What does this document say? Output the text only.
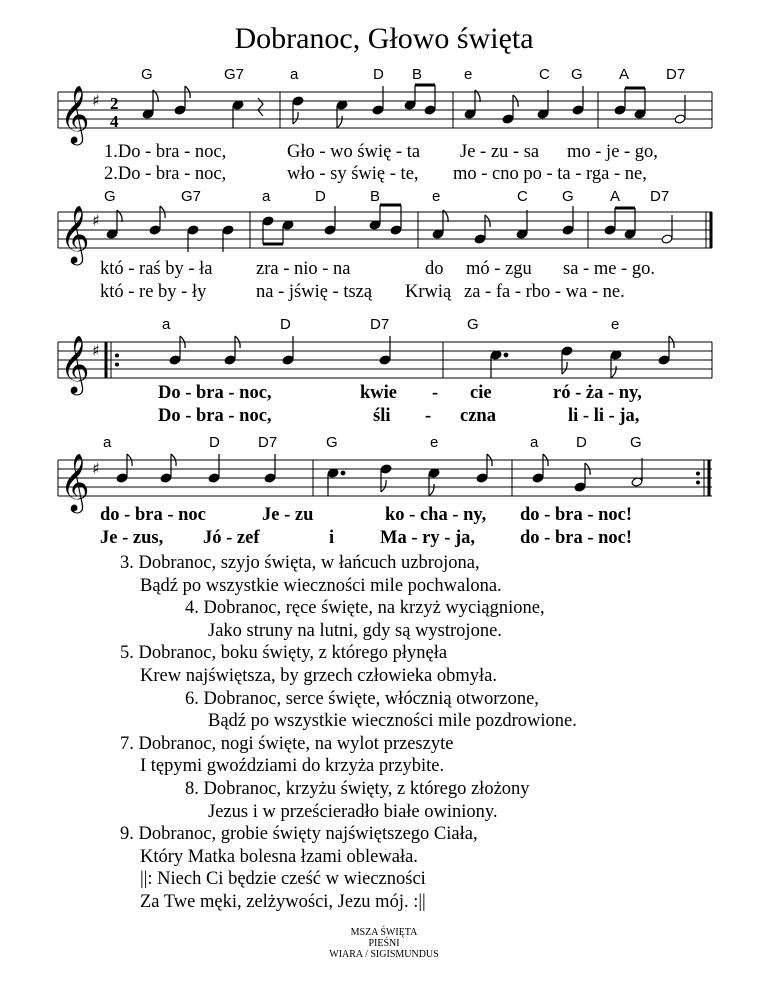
Dobranoc, Głowo święta
𝄞 ♯ 2
4
G	G7	a	D B	e	C G A D7
1.Do - bra - noc,	Gło - wo świę - ta Je - zu - sa mo - je - go,
2.Do - bra - noc,	wło - sy świę - te, mo - cno po - ta - rga - ne,
𝄞 ♯
G	G7	a	D	B	e	C G A D7
któ - raś by - ła zra - nio - na	do mó - zgu sa - me - go.
któ - re by - ły	na - jświę - tszą Krwią za - fa - rbo - wa - ne.
𝄞 ♯
a	D	D7	G	e
Do - bra - noc,	kwie - cie	ró - ża - ny,
Do - bra - noc,	śli - czna	li - li - ja,
𝄞 ♯
a	D	D7	G	e	a	D	G
do - bra - noc	Je - zu	ko - cha - ny, do - bra - noc!
Je - zus, Jó - zef	i Ma - ry - ja, do - bra - noc!
3. Dobranoc, szyjo święta, w łańcuch uzbrojona,
Bądź po wszystkie wieczności mile pochwalona.
4. Dobranoc, ręce święte, na krzyż wyciągnione,
Jako struny na lutni, gdy są wystrojone.
5. Dobranoc, boku święty, z którego płynęła
Krew najświętsza, by grzech człowieka obmyła.
6. Dobranoc, serce święte, włócznią otworzone,
Bądź po wszystkie wieczności mile pozdrowione.
7. Dobranoc, nogi święte, na wylot przeszyte
I tępymi gwoździami do krzyża przybite.
8. Dobranoc, krzyżu święty, z którego złożony
Jezus i w prześcieradło białe owiniony.
9. Dobranoc, grobie święty najświętszego Ciała,
Który Matka bolesna łzami oblewała.
||: Niech Ci będzie cześć w wieczności
Za Twe męki, zelżywości, Jezu mój. :||
MSZA ŚWIĘTA
PIEŚNI
WIARA / SIGISMUNDUS
